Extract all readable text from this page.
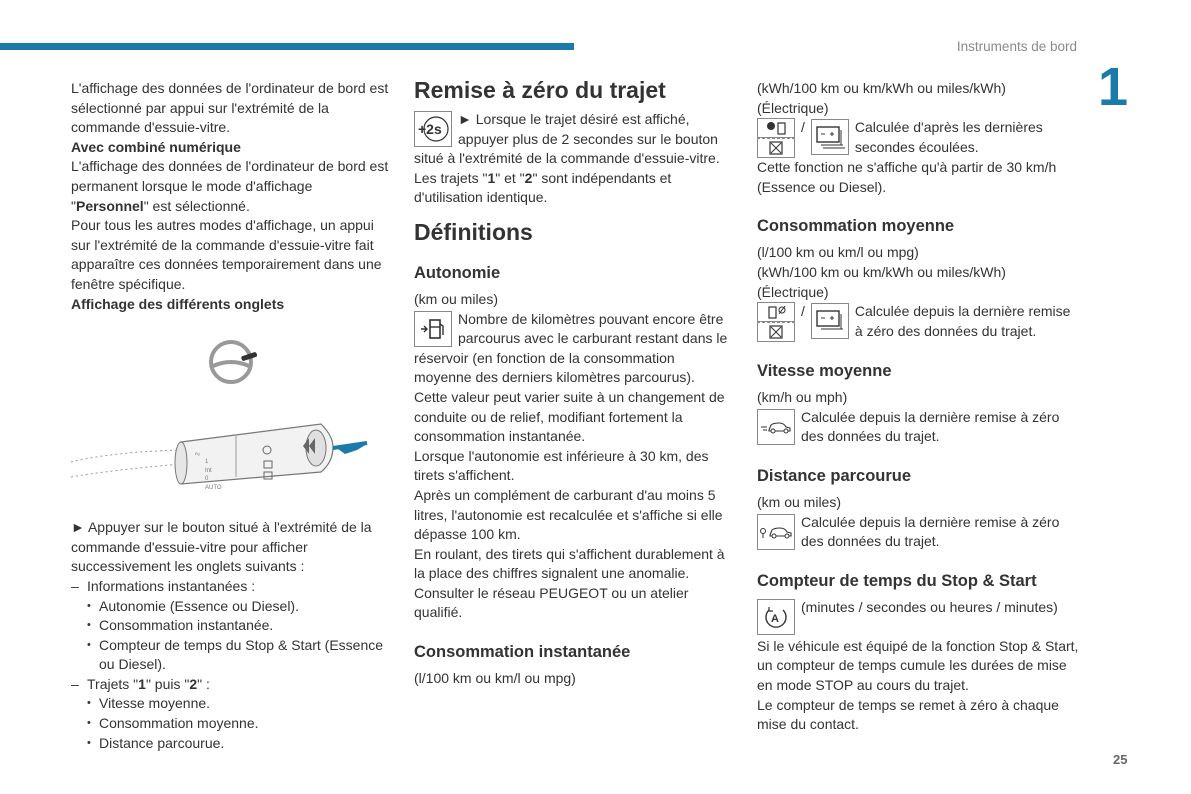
Instruments de bord
1
25

L'affichage des données de l'ordinateur de bord est sélectionné par appui sur l'extrémité de la commande d'essuie-vitre.

Avec combiné numérique

L'affichage des données de l'ordinateur de bord est permanent lorsque le mode d'affichage "Personnel" est sélectionné.

Pour tous les autres modes d'affichage, un appui sur l'extrémité de la commande d'essuie-vitre fait apparaître ces données temporairement dans une fenêtre spécifique.

Affichage des différents onglets

2
1
Int
0
AUTO

► Appuyer sur le bouton situé à l'extrémité de la commande d'essuie-vitre pour afficher successivement les onglets suivants :

– Informations instantanées :
• Autonomie (Essence ou Diesel).
• Consommation instantanée.
• Compteur de temps du Stop & Start (Essence ou Diesel).
– Trajets "1" puis "2" :
• Vitesse moyenne.
• Consommation moyenne.
• Distance parcourue.
Remise à zéro du trajet
+2s

► Lorsque le trajet désiré est affiché, appuyer plus de 2 secondes sur le bouton situé à l'extrémité de la commande d'essuie-vitre.

Les trajets "1" et "2" sont indépendants et d'utilisation identique.

Définitions
Autonomie

(km ou miles)

Nombre de kilomètres pouvant encore être parcourus avec le carburant restant dans le réservoir (en fonction de la consommation moyenne des derniers kilomètres parcourus).

Cette valeur peut varier suite à un changement de conduite ou de relief, modifiant fortement la consommation instantanée.

Lorsque l'autonomie est inférieure à 30 km, des tirets s'affichent.

Après un complément de carburant d'au moins 5 litres, l'autonomie est recalculée et s'affiche si elle dépasse 100 km.

En roulant, des tirets qui s'affichent durablement à la place des chiffres signalent une anomalie. Consulter le réseau PEUGEOT ou un atelier qualifié.

Consommation instantanée

(l/100 km ou km/l ou mpg)

(kWh/100 km ou km/kWh ou miles/kWh)

(Électrique)

/	Calculée d'après les dernières secondes écoulées.

Cette fonction ne s'affiche qu'à partir de 30 km/h (Essence ou Diesel).

Consommation moyenne

(l/100 km ou km/l ou mpg)

(kWh/100 km ou km/kWh ou miles/kWh)

(Électrique)

/	Calculée depuis la dernière remise à zéro des données du trajet.

Vitesse moyenne

(km/h ou mph)

Calculée depuis la dernière remise à zéro des données du trajet.

Distance parcourue

(km ou miles)

Calculée depuis la dernière remise à zéro des données du trajet.

Compteur de temps du Stop & Start
A

(minutes / secondes ou heures / minutes)

Si le véhicule est équipé de la fonction Stop & Start, un compteur de temps cumule les durées de mise en mode STOP au cours du trajet.

Le compteur de temps se remet à zéro à chaque mise du contact.
